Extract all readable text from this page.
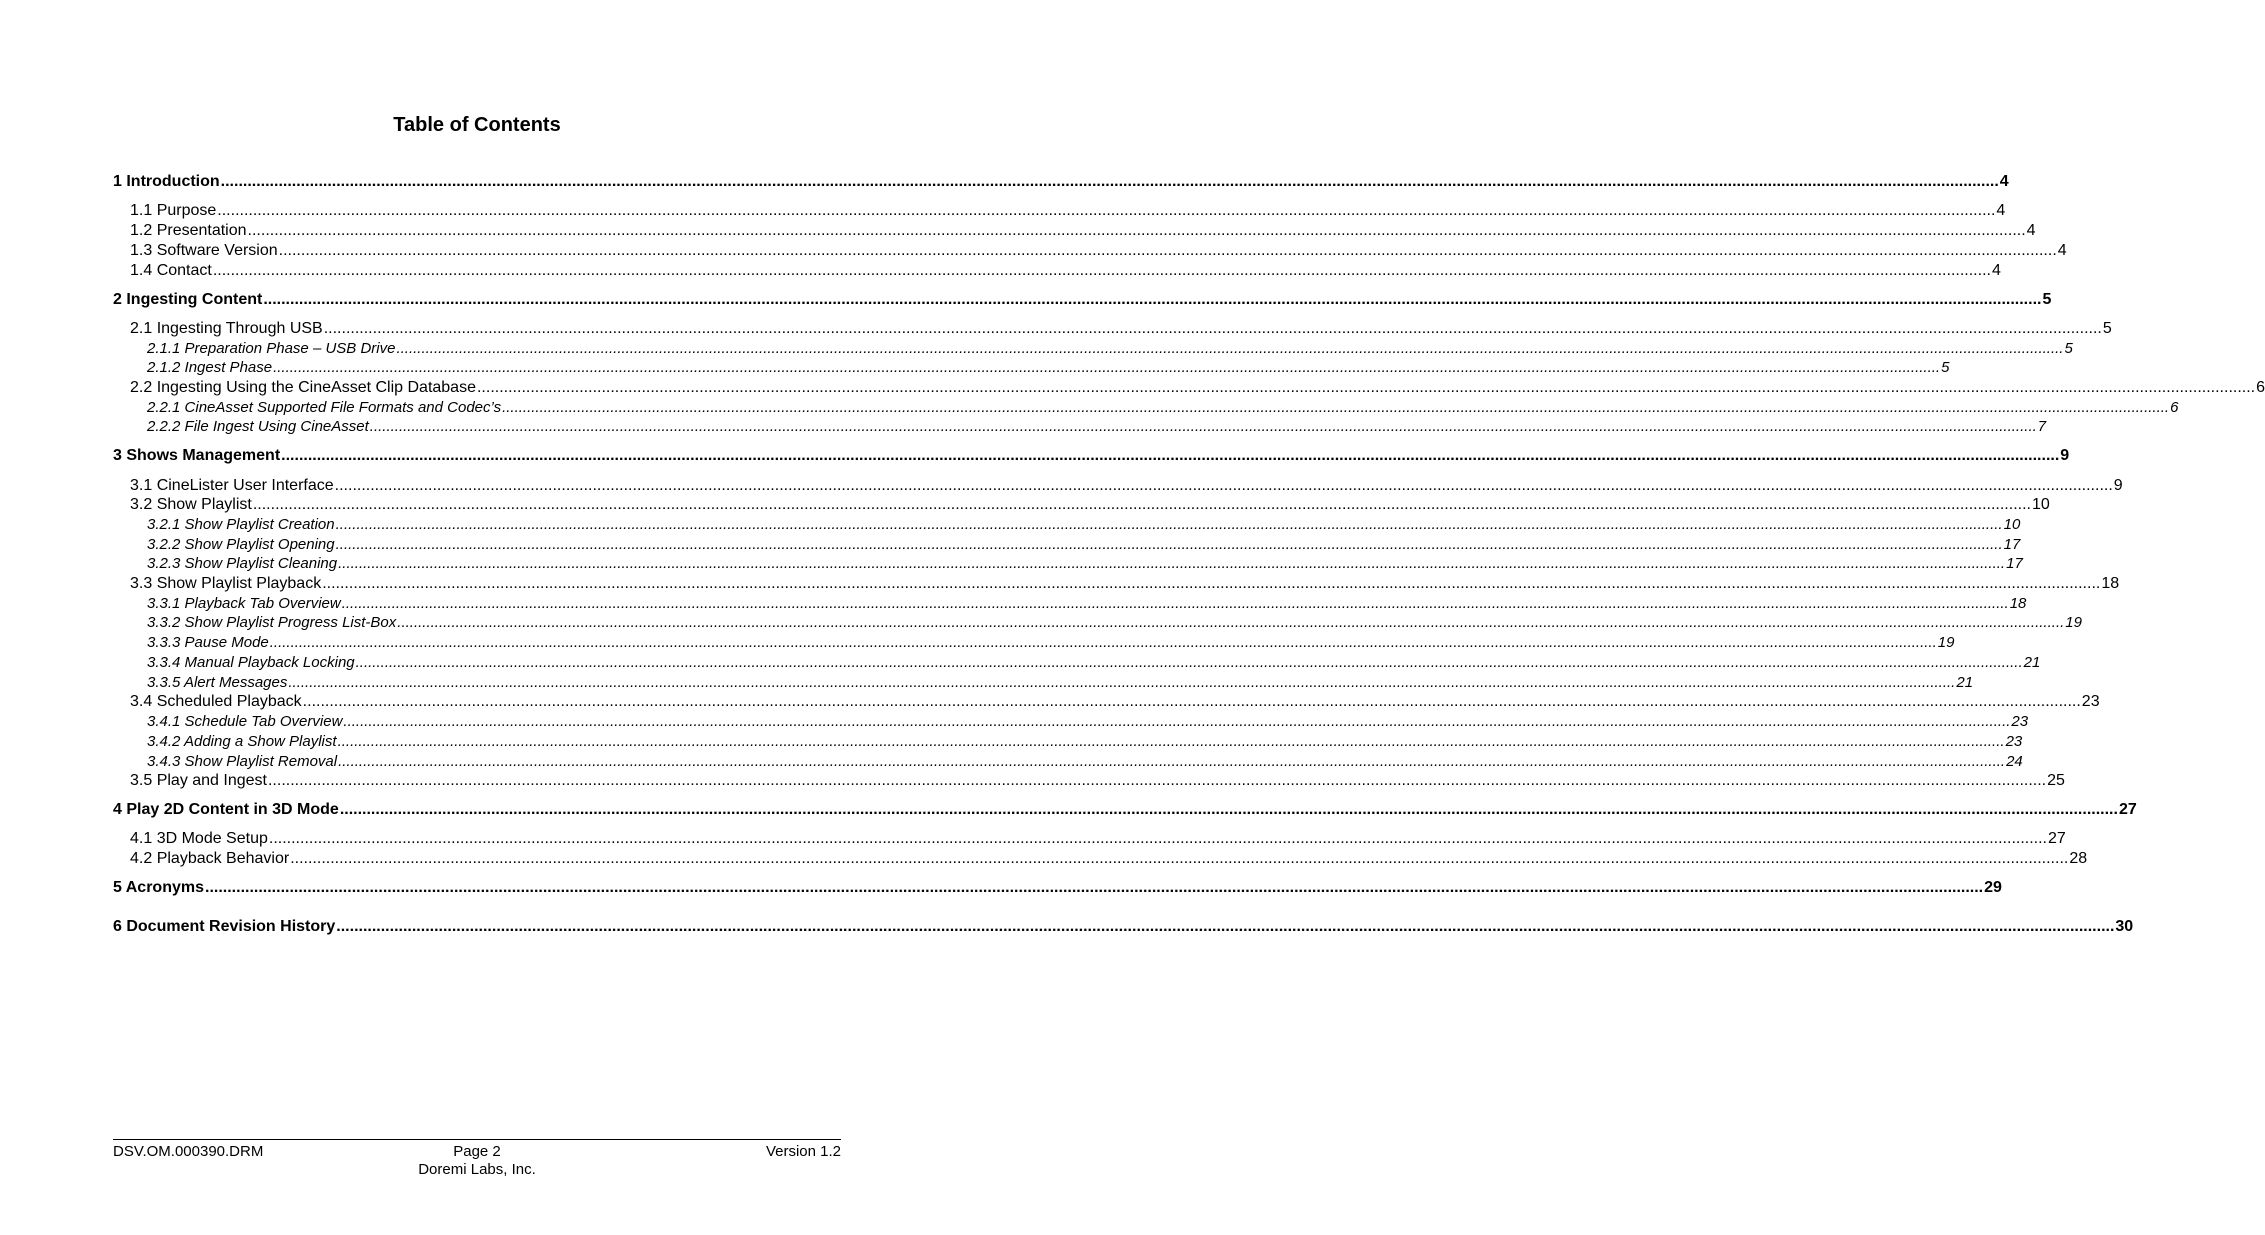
Table of Contents
1 Introduction ................................................................................................................................................................................................................................................................................................................................................................................................................ 4
1.1 Purpose ................................................................................................................................................................................................................................................................................................................................................................................................................ 4
1.2 Presentation ................................................................................................................................................................................................................................................................................................................................................................................................................ 4
1.3 Software Version ................................................................................................................................................................................................................................................................................................................................................................................................................ 4
1.4 Contact ................................................................................................................................................................................................................................................................................................................................................................................................................ 4
2 Ingesting Content ................................................................................................................................................................................................................................................................................................................................................................................................................ 5
2.1 Ingesting Through USB ................................................................................................................................................................................................................................................................................................................................................................................................................ 5
2.1.1 Preparation Phase – USB Drive ................................................................................................................................................................................................................................................................................................................................................................................................................ 5
2.1.2 Ingest Phase ................................................................................................................................................................................................................................................................................................................................................................................................................ 5
2.2 Ingesting Using the CineAsset Clip Database ................................................................................................................................................................................................................................................................................................................................................................................................................ 6
2.2.1 CineAsset Supported File Formats and Codec’s ................................................................................................................................................................................................................................................................................................................................................................................................................ 6
2.2.2 File Ingest Using CineAsset ................................................................................................................................................................................................................................................................................................................................................................................................................ 7
3 Shows Management ................................................................................................................................................................................................................................................................................................................................................................................................................ 9
3.1 CineLister User Interface ................................................................................................................................................................................................................................................................................................................................................................................................................ 9
3.2 Show Playlist ................................................................................................................................................................................................................................................................................................................................................................................................................ 10
3.2.1 Show Playlist Creation ................................................................................................................................................................................................................................................................................................................................................................................................................ 10
3.2.2 Show Playlist Opening ................................................................................................................................................................................................................................................................................................................................................................................................................ 17
3.2.3 Show Playlist Cleaning ................................................................................................................................................................................................................................................................................................................................................................................................................ 17
3.3 Show Playlist Playback ................................................................................................................................................................................................................................................................................................................................................................................................................ 18
3.3.1 Playback Tab Overview ................................................................................................................................................................................................................................................................................................................................................................................................................ 18
3.3.2 Show Playlist Progress List-Box ................................................................................................................................................................................................................................................................................................................................................................................................................ 19
3.3.3 Pause Mode ................................................................................................................................................................................................................................................................................................................................................................................................................ 19
3.3.4 Manual Playback Locking ................................................................................................................................................................................................................................................................................................................................................................................................................ 21
3.3.5 Alert Messages ................................................................................................................................................................................................................................................................................................................................................................................................................ 21
3.4 Scheduled Playback ................................................................................................................................................................................................................................................................................................................................................................................................................ 23
3.4.1 Schedule Tab Overview ................................................................................................................................................................................................................................................................................................................................................................................................................ 23
3.4.2 Adding a Show Playlist ................................................................................................................................................................................................................................................................................................................................................................................................................ 23
3.4.3 Show Playlist Removal ................................................................................................................................................................................................................................................................................................................................................................................................................ 24
3.5 Play and Ingest ................................................................................................................................................................................................................................................................................................................................................................................................................ 25
4 Play 2D Content in 3D Mode ................................................................................................................................................................................................................................................................................................................................................................................................................ 27
4.1 3D Mode Setup ................................................................................................................................................................................................................................................................................................................................................................................................................ 27
4.2 Playback Behavior ................................................................................................................................................................................................................................................................................................................................................................................................................ 28
5 Acronyms ................................................................................................................................................................................................................................................................................................................................................................................................................ 29
6 Document Revision History ................................................................................................................................................................................................................................................................................................................................................................................................................ 30
DSV.OM.000390.DRM	Page 2
Doremi Labs, Inc.
Version 1.2
